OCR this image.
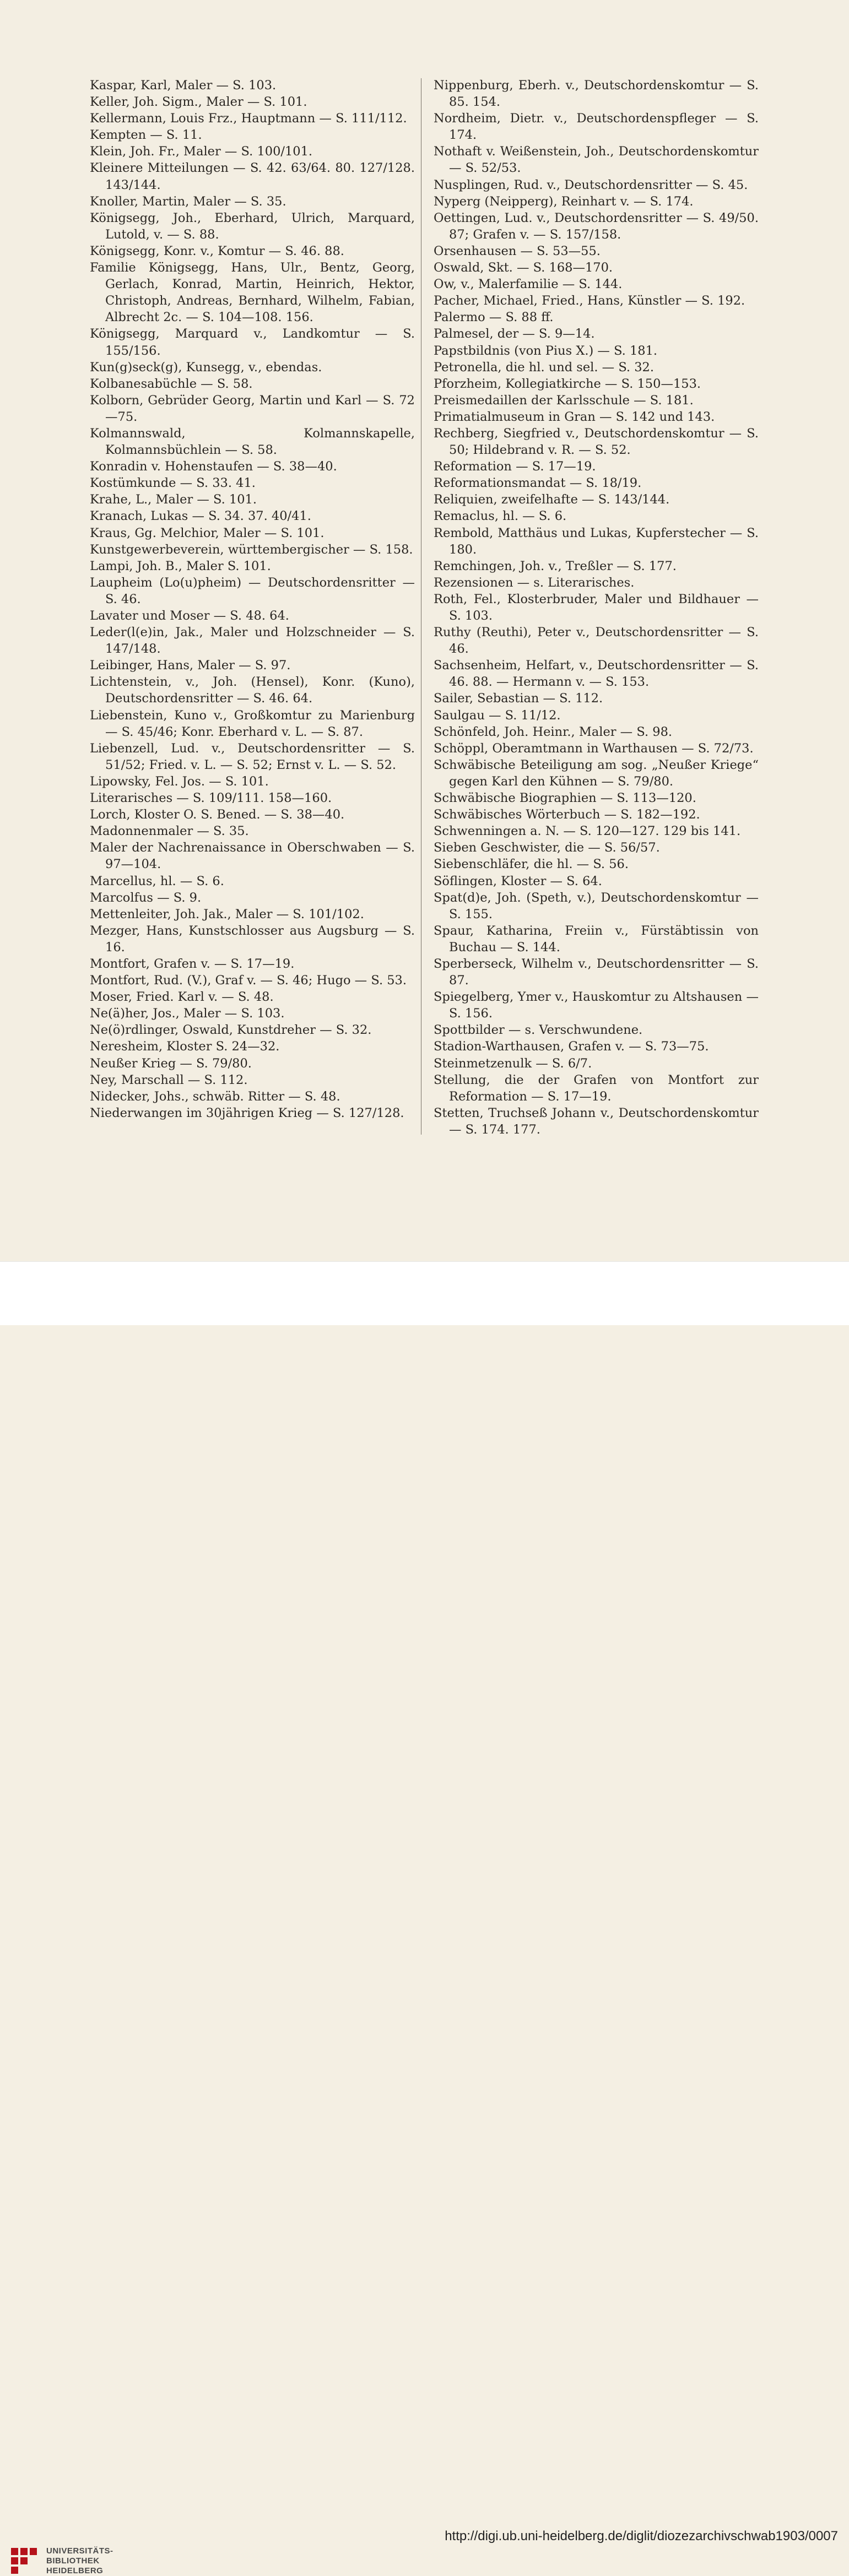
Kaspar, Karl, Maler — S. 103.
Keller, Joh. Sigm., Maler — S. 101.
Kellermann, Louis Frz., Hauptmann — S. 111/112.
Kempten — S. 11.
Klein, Joh. Fr., Maler — S. 100/101.
Kleinere Mitteilungen — S. 42. 63/64. 80. 127/128. 143/144.
Knoller, Martin, Maler — S. 35.
Königsegg, Joh., Eberhard, Ulrich, Marquard, Lutold, v. — S. 88.
Königsegg, Konr. v., Komtur — S. 46. 88.
Familie Königsegg, Hans, Ulr., Bentz, Georg, Gerlach, Konrad, Martin, Heinrich, Hektor, Christoph, Andreas, Bernhard, Wilhelm, Fabian, Albrecht 2c. — S. 104—108. 156.
Königsegg, Marquard v., Landkomtur — S. 155/156.
Kun(g)seck(g), Kunsegg, v., ebendas.
Kolbanesabüchle — S. 58.
Kolborn, Gebrüder Georg, Martin und Karl — S. 72—75.
Kolmannswald, Kolmannskapelle, Kolmannsbüchlein — S. 58.
Konradin v. Hohenstaufen — S. 38—40.
Kostümkunde — S. 33. 41.
Krahe, L., Maler — S. 101.
Kranach, Lukas — S. 34. 37. 40/41.
Kraus, Gg. Melchior, Maler — S. 101.
Kunstgewerbeverein, württembergischer — S. 158.
Lampi, Joh. B., Maler S. 101.
Laupheim (Lo(u)pheim) — Deutschordensritter — S. 46.
Lavater und Moser — S. 48. 64.
Leder(l(e)in, Jak., Maler und Holzschneider — S. 147/148.
Leibinger, Hans, Maler — S. 97.
Lichtenstein, v., Joh. (Hensel), Konr. (Kuno), Deutschordensritter — S. 46. 64.
Liebenstein, Kuno v., Großkomtur zu Marienburg — S. 45/46; Konr. Eberhard v. L. — S. 87.
Liebenzell, Lud. v., Deutschordensritter — S. 51/52; Fried. v. L. — S. 52; Ernst v. L. — S. 52.
Lipowsky, Fel. Jos. — S. 101.
Literarisches — S. 109/111. 158—160.
Lorch, Kloster O. S. Bened. — S. 38—40.
Madonnenmaler — S. 35.
Maler der Nachrenaissance in Oberschwaben — S. 97—104.
Marcellus, hl. — S. 6.
Marcolfus — S. 9.
Mettenleiter, Joh. Jak., Maler — S. 101/102.
Mezger, Hans, Kunstschlosser aus Augsburg — S. 16.
Montfort, Grafen v. — S. 17—19.
Montfort, Rud. (V.), Graf v. — S. 46; Hugo — S. 53.
Moser, Fried. Karl v. — S. 48.
Ne(ä)her, Jos., Maler — S. 103.
Ne(ö)rdlinger, Oswald, Kunstdreher — S. 32.
Neresheim, Kloster S. 24—32.
Neußer Krieg — S. 79/80.
Ney, Marschall — S. 112.
Nidecker, Johs., schwäb. Ritter — S. 48.
Niederwangen im 30jährigen Krieg — S. 127/128.
Nippenburg, Eberh. v., Deutschordenskomtur — S. 85. 154.
Nordheim, Dietr. v., Deutschordenspfleger — S. 174.
Nothaft v. Weißenstein, Joh., Deutschordenskomtur — S. 52/53.
Nusplingen, Rud. v., Deutschordensritter — S. 45.
Nyperg (Neipperg), Reinhart v. — S. 174.
Oettingen, Lud. v., Deutschordensritter — S. 49/50. 87; Grafen v. — S. 157/158.
Orsenhausen — S. 53—55.
Oswald, Skt. — S. 168—170.
Ow, v., Malerfamilie — S. 144.
Pacher, Michael, Fried., Hans, Künstler — S. 192.
Palermo — S. 88 ff.
Palmesel, der — S. 9—14.
Papstbildnis (von Pius X.) — S. 181.
Petronella, die hl. und sel. — S. 32.
Pforzheim, Kollegiatkirche — S. 150—153.
Preismedaillen der Karlsschule — S. 181.
Primatialmuseum in Gran — S. 142 und 143.
Rechberg, Siegfried v., Deutschordenskomtur — S. 50; Hildebrand v. R. — S. 52.
Reformation — S. 17—19.
Reformationsmandat — S. 18/19.
Reliquien, zweifelhafte — S. 143/144.
Remaclus, hl. — S. 6.
Rembold, Matthäus und Lukas, Kupferstecher — S. 180.
Remchingen, Joh. v., Treßler — S. 177.
Rezensionen — s. Literarisches.
Roth, Fel., Klosterbruder, Maler und Bildhauer — S. 103.
Ruthy (Reuthi), Peter v., Deutschordensritter — S. 46.
Sachsenheim, Helfart, v., Deutschordensritter — S. 46. 88. — Hermann v. — S. 153.
Sailer, Sebastian — S. 112.
Saulgau — S. 11/12.
Schönfeld, Joh. Heinr., Maler — S. 98.
Schöppl, Oberamtmann in Warthausen — S. 72/73.
Schwäbische Beteiligung am sog. „Neußer Kriege“ gegen Karl den Kühnen — S. 79/80.
Schwäbische Biographien — S. 113—120.
Schwäbisches Wörterbuch — S. 182—192.
Schwenningen a. N. — S. 120—127. 129 bis 141.
Sieben Geschwister, die — S. 56/57.
Siebenschläfer, die hl. — S. 56.
Söflingen, Kloster — S. 64.
Spat(d)e, Joh. (Speth, v.), Deutschordenskomtur — S. 155.
Spaur, Katharina, Freiin v., Fürstäbtissin von Buchau — S. 144.
Sperberseck, Wilhelm v., Deutschordensritter — S. 87.
Spiegelberg, Ymer v., Hauskomtur zu Altshausen — S. 156.
Spottbilder — s. Verschwundene.
Stadion-Warthausen, Grafen v. — S. 73—75.
Steinmetzenulk — S. 6/7.
Stellung, die der Grafen von Montfort zur Reformation — S. 17—19.
Stetten, Truchseß Johann v., Deutschordenskomtur — S. 174. 177.
UNIVERSITÄTS-
BIBLIOTHEK
HEIDELBERG
http://digi.ub.uni-heidelberg.de/diglit/diozezarchivschwab1903/0007
